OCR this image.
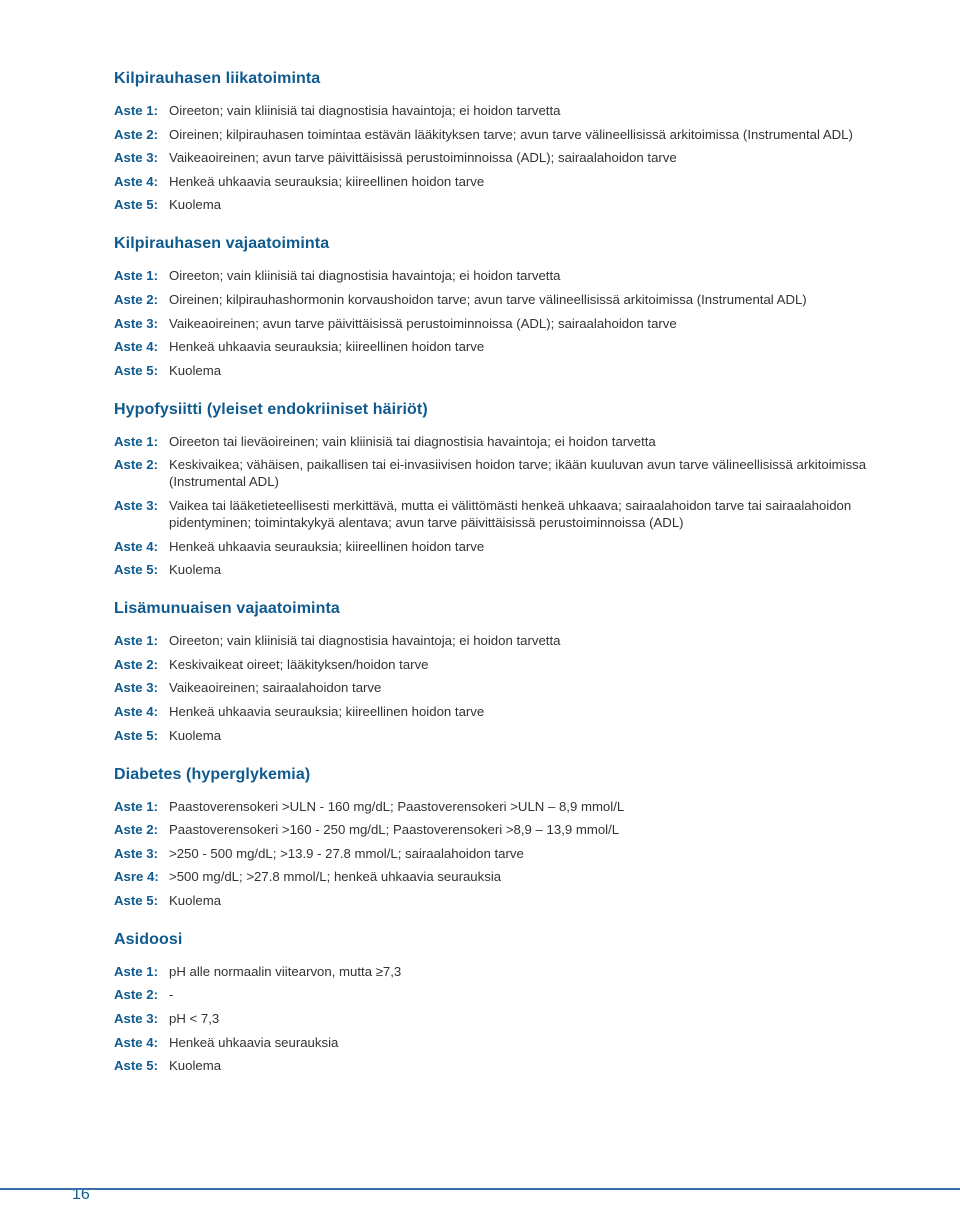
Kilpirauhasen liikatoiminta
Aste 1: Oireeton; vain kliinisiä tai diagnostisia havaintoja; ei hoidon tarvetta
Aste 2: Oireinen; kilpirauhasen toimintaa estävän lääkityksen tarve; avun tarve välineellisissä arkitoimissa (Instrumental ADL)
Aste 3: Vaikeaoireinen; avun tarve päivittäisissä perustoiminnoissa (ADL); sairaalahoidon tarve
Aste 4: Henkeä uhkaavia seurauksia; kiireellinen hoidon tarve
Aste 5: Kuolema
Kilpirauhasen vajaatoiminta
Aste 1: Oireeton; vain kliinisiä tai diagnostisia havaintoja; ei hoidon tarvetta
Aste 2: Oireinen; kilpirauhashormonin korvaushoidon tarve; avun tarve välineellisissä arkitoimissa (Instrumental ADL)
Aste 3: Vaikeaoireinen; avun tarve päivittäisissä perustoiminnoissa (ADL); sairaalahoidon tarve
Aste 4: Henkeä uhkaavia seurauksia; kiireellinen hoidon tarve
Aste 5: Kuolema
Hypofysiitti (yleiset endokriiniset häiriöt)
Aste 1: Oireeton tai lieväoireinen; vain kliinisiä tai diagnostisia havaintoja; ei hoidon tarvetta
Aste 2: Keskivaikea; vähäisen, paikallisen tai ei-invasiivisen hoidon tarve; ikään kuuluvan avun tarve välineellisissä arkitoimissa (Instrumental ADL)
Aste 3: Vaikea tai lääketieteellisesti merkittävä, mutta ei välittömästi henkeä uhkaava; sairaalahoidon tarve tai sairaalahoidon pidentyminen; toimintakykyä alentava; avun tarve päivittäisissä perustoiminnoissa (ADL)
Aste 4: Henkeä uhkaavia seurauksia; kiireellinen hoidon tarve
Aste 5: Kuolema
Lisämunuaisen vajaatoiminta
Aste 1: Oireeton; vain kliinisiä tai diagnostisia havaintoja; ei hoidon tarvetta
Aste 2: Keskivaikeat oireet; lääkityksen/hoidon tarve
Aste 3: Vaikeaoireinen; sairaalahoidon tarve
Aste 4: Henkeä uhkaavia seurauksia; kiireellinen hoidon tarve
Aste 5: Kuolema
Diabetes (hyperglykemia)
Aste 1: Paastoverensokeri >ULN - 160 mg/dL; Paastoverensokeri >ULN – 8,9 mmol/L
Aste 2: Paastoverensokeri >160 - 250 mg/dL; Paastoverensokeri >8,9 – 13,9 mmol/L
Aste 3: >250 - 500 mg/dL; >13.9 - 27.8 mmol/L; sairaalahoidon tarve
Asre 4: >500 mg/dL; >27.8 mmol/L; henkeä uhkaavia seurauksia
Aste 5: Kuolema
Asidoosi
Aste 1: pH alle normaalin viitearvon, mutta ≥7,3
Aste 2: -
Aste 3: pH < 7,3
Aste 4: Henkeä uhkaavia seurauksia
Aste 5: Kuolema
16
